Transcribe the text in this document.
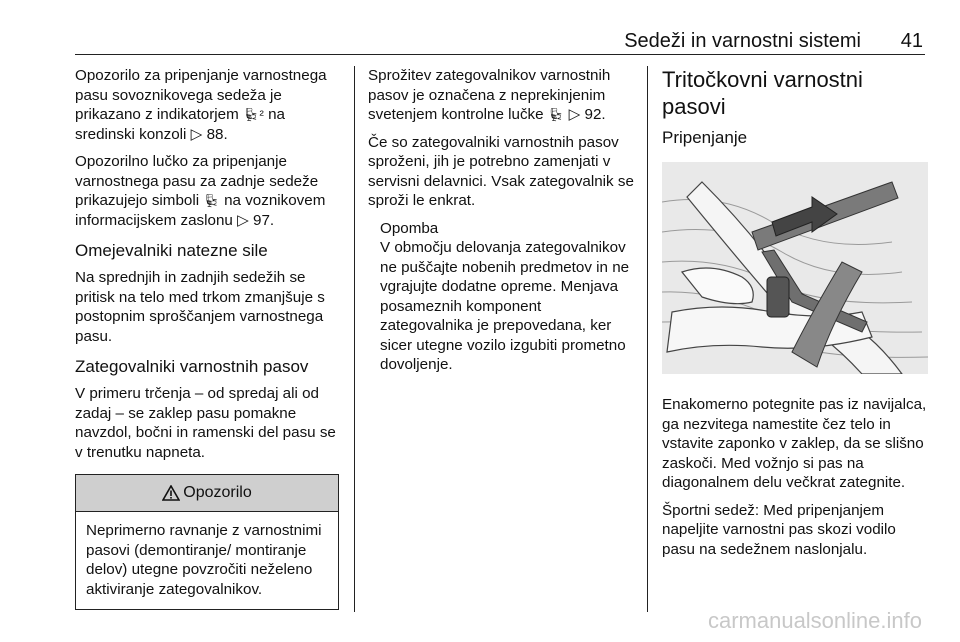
Sedeži in varnostni sistemi 41

Opozorilo za pripenjanje varnostnega pasu sovoznikovega sedeža je prikazano z indikatorjem 💺︎² na sredinski konzoli ▷ 88.

Opozorilno lučko za pripenjanje varnostnega pasu za zadnje sedeže prikazujejo simboli 💺︎ na voznikovem informacijskem zaslonu ▷ 97.

Omejevalniki natezne sile

Na sprednjih in zadnjih sedežih se pritisk na telo med trkom zmanjšuje s postopnim sproščanjem varnostnega pasu.

Zategovalniki varnostnih pasov

V primeru trčenja – od spredaj ali od zadaj – se zaklep pasu pomakne navzdol, bočni in ramenski del pasu se v trenutku napneta.

Opozorilo
Neprimerno ravnanje z varnostnimi pasovi (demontiranje/ montiranje delov) utegne povzročiti neželeno aktiviranje zategovalnikov.

Sprožitev zategovalnikov varnostnih pasov je označena z neprekinjenim svetenjem kontrolne lučke 💺︎ ▷ 92.

Če so zategovalniki varnostnih pasov sproženi, jih je potrebno zamenjati v servisni delavnici. Vsak zategovalnik se sproži le enkrat.

Opomba

V območju delovanja zategovalnikov ne puščajte nobenih predmetov in ne vgrajujte dodatne opreme. Menjava posameznih komponent zategovalnika je prepovedana, ker sicer utegne vozilo izgubiti prometno dovoljenje.

Tritočkovni varnostni pasovi
Pripenjanje

Enakomerno potegnite pas iz navijalca, ga nezvitega namestite čez telo in vstavite zaponko v zaklep, da se slišno zaskoči. Med vožnjo si pas na diagonalnem delu večkrat zategnite.

Športni sedež: Med pripenjanjem napeljite varnostni pas skozi vodilo pasu na sedežnem naslonjalu.

carmanualsonline.info
